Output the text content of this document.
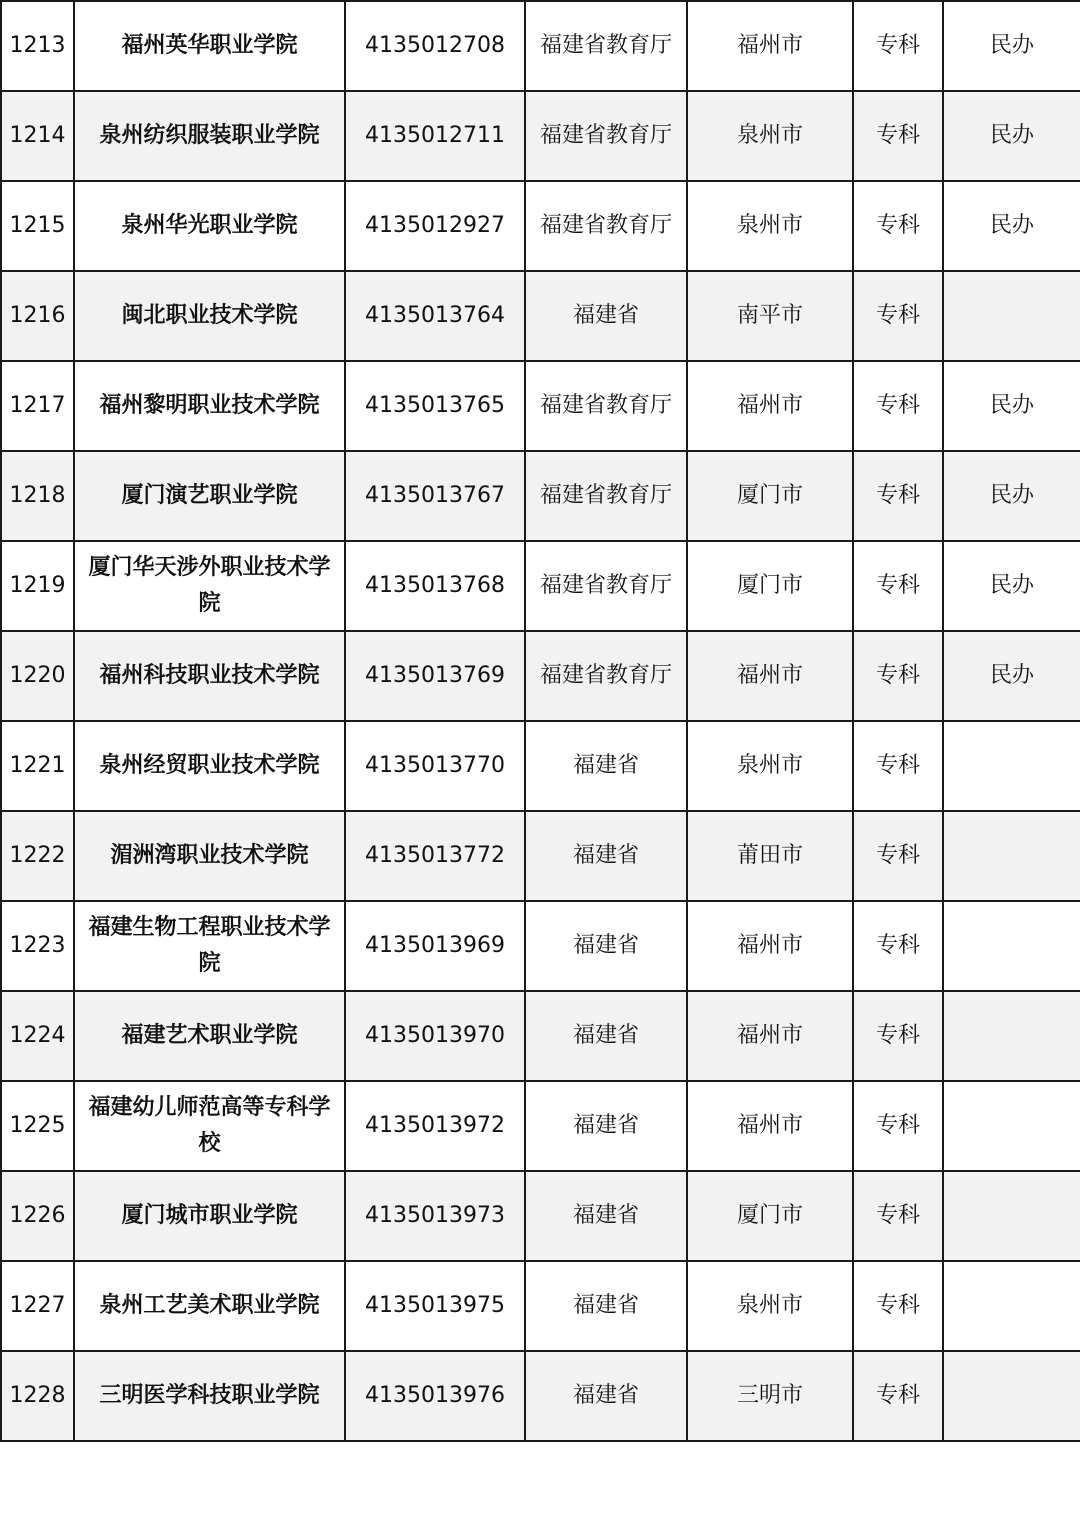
1213	福州英华职业学院	4135012708	福建省教育厅	福州市	专科	民办
1214	泉州纺织服装职业学院	4135012711	福建省教育厅	泉州市	专科	民办
1215	泉州华光职业学院	4135012927	福建省教育厅	泉州市	专科	民办
1216	闽北职业技术学院	4135013764	福建省	南平市	专科	
1217	福州黎明职业技术学院	4135013765	福建省教育厅	福州市	专科	民办
1218	厦门演艺职业学院	4135013767	福建省教育厅	厦门市	专科	民办
1219	厦门华天涉外职业技术学院	4135013768	福建省教育厅	厦门市	专科	民办
1220	福州科技职业技术学院	4135013769	福建省教育厅	福州市	专科	民办
1221	泉州经贸职业技术学院	4135013770	福建省	泉州市	专科	
1222	湄洲湾职业技术学院	4135013772	福建省	莆田市	专科	
1223	福建生物工程职业技术学院	4135013969	福建省	福州市	专科	
1224	福建艺术职业学院	4135013970	福建省	福州市	专科	
1225	福建幼儿师范高等专科学校	4135013972	福建省	福州市	专科	
1226	厦门城市职业学院	4135013973	福建省	厦门市	专科	
1227	泉州工艺美术职业学院	4135013975	福建省	泉州市	专科	
1228	三明医学科技职业学院	4135013976	福建省	三明市	专科	
